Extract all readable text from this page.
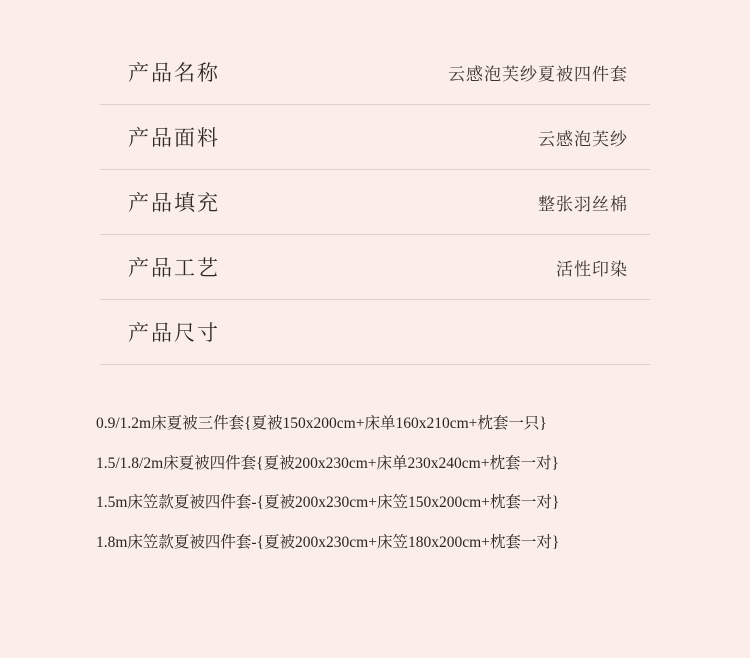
产品名称	云感泡芙纱夏被四件套
产品面料	云感泡芙纱
产品填充	整张羽丝棉
产品工艺	活性印染
产品尺寸
0.9/1.2m床夏被三件套{夏被150x200cm+床单160x210cm+枕套一只}
1.5/1.8/2m床夏被四件套{夏被200x230cm+床单230x240cm+枕套一对}
1.5m床笠款夏被四件套-{夏被200x230cm+床笠150x200cm+枕套一对}
1.8m床笠款夏被四件套-{夏被200x230cm+床笠180x200cm+枕套一对}
